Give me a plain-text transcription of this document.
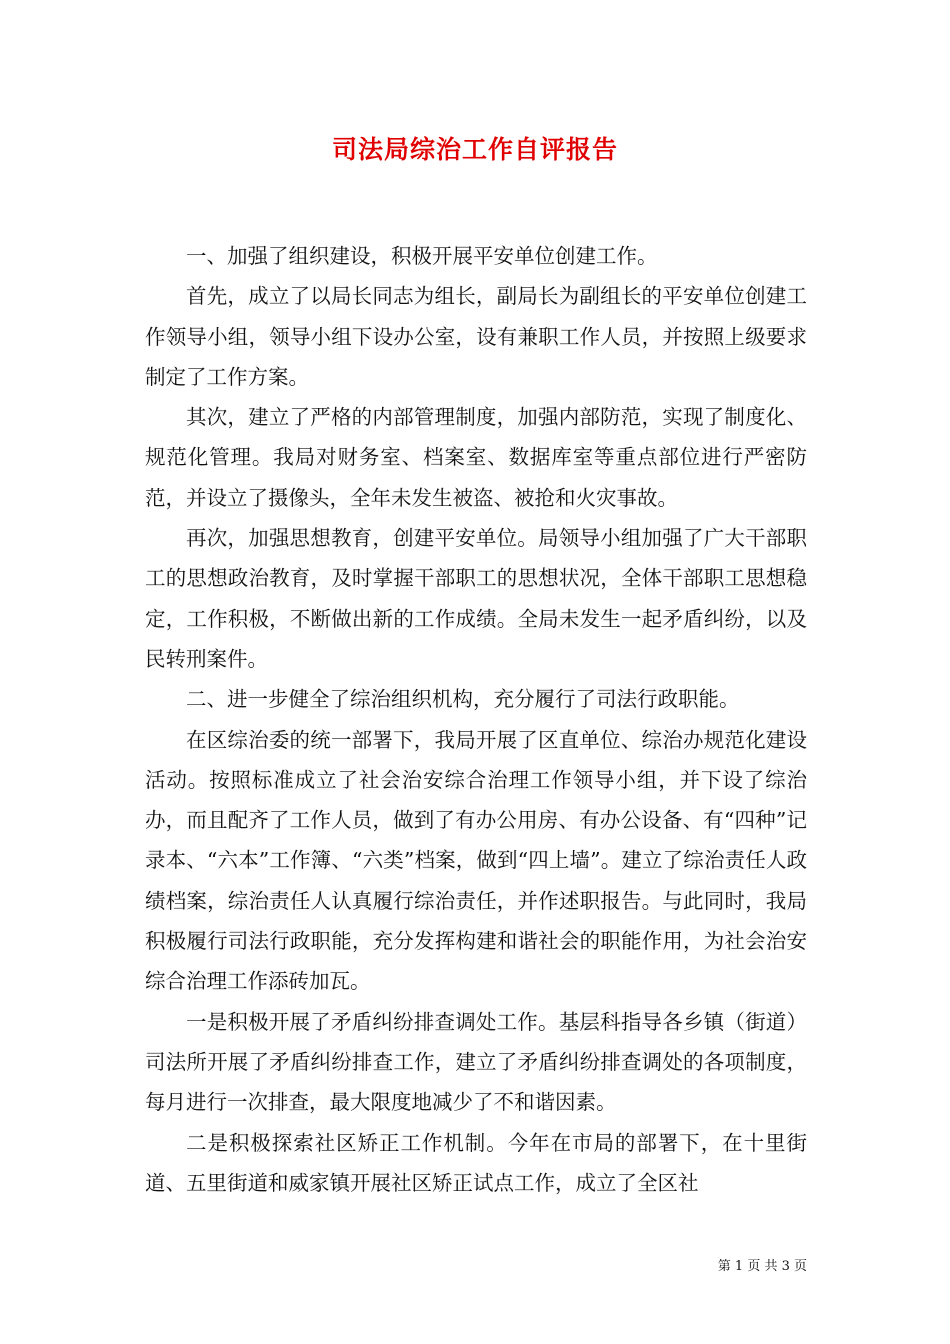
司法局综治工作自评报告

一、加强了组织建设，积极开展平安单位创建工作。

首先，成立了以局长同志为组长，副局长为副组长的平安单位创建工作领导小组，领导小组下设办公室，设有兼职工作人员，并按照上级要求制定了工作方案。

其次，建立了严格的内部管理制度，加强内部防范，实现了制度化、规范化管理。我局对财务室、档案室、数据库室等重点部位进行严密防范，并设立了摄像头，全年未发生被盗、被抢和火灾事故。

再次，加强思想教育，创建平安单位。局领导小组加强了广大干部职工的思想政治教育，及时掌握干部职工的思想状况，全体干部职工思想稳定，工作积极，不断做出新的工作成绩。全局未发生一起矛盾纠纷，以及民转刑案件。

二、进一步健全了综治组织机构，充分履行了司法行政职能。

在区综治委的统一部署下，我局开展了区直单位、综治办规范化建设活动。按照标准成立了社会治安综合治理工作领导小组，并下设了综治办，而且配齐了工作人员，做到了有办公用房、有办公设备、有“四种”记录本、“六本”工作簿、“六类”档案，做到“四上墙”。建立了综治责任人政绩档案，综治责任人认真履行综治责任，并作述职报告。与此同时，我局积极履行司法行政职能，充分发挥构建和谐社会的职能作用，为社会治安综合治理工作添砖加瓦。

一是积极开展了矛盾纠纷排查调处工作。基层科指导各乡镇（街道）司法所开展了矛盾纠纷排查工作，建立了矛盾纠纷排查调处的各项制度，每月进行一次排查，最大限度地减少了不和谐因素。

二是积极探索社区矫正工作机制。今年在市局的部署下，在十里街道、五里街道和威家镇开展社区矫正试点工作，成立了全区社

第 1 页 共 3 页
